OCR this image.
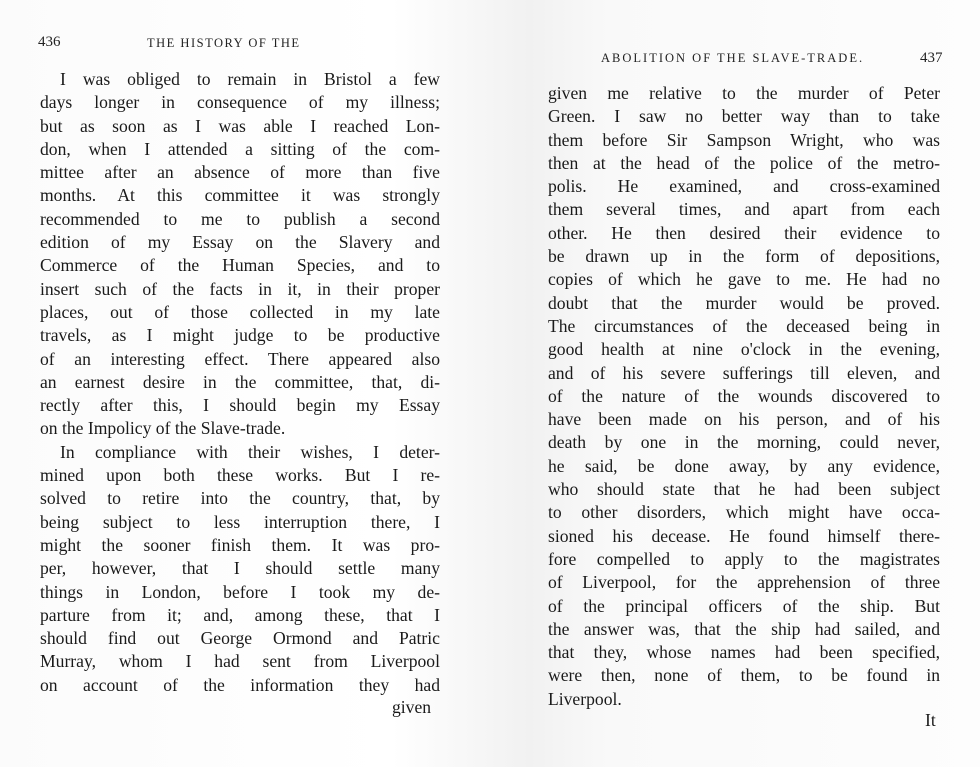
436	THE HISTORY OF THE
I was obliged to remain in Bristol a few
days longer in consequence of my illness;
but as soon as I was able I reached Lon-
don, when I attended a sitting of the com-
mittee after an absence of more than five
months. At this committee it was strongly
recommended to me to publish a second
edition of my Essay on the Slavery and
Commerce of the Human Species, and to
insert such of the facts in it, in their proper
places, out of those collected in my late
travels, as I might judge to be productive
of an interesting effect. There appeared also
an earnest desire in the committee, that, di-
rectly after this, I should begin my Essay
on the Impolicy of the Slave-trade.
In compliance with their wishes, I deter-
mined upon both these works. But I re-
solved to retire into the country, that, by
being subject to less interruption there, I
might the sooner finish them. It was pro-
per, however, that I should settle many
things in London, before I took my de-
parture from it; and, among these, that I
should find out George Ormond and Patric
Murray, whom I had sent from Liverpool
on account of the information they had
given
ABOLITION OF THE SLAVE-TRADE.	437
given me relative to the murder of Peter
Green. I saw no better way than to take
them before Sir Sampson Wright, who was
then at the head of the police of the metro-
polis. He examined, and cross-examined
them several times, and apart from each
other. He then desired their evidence to
be drawn up in the form of depositions,
copies of which he gave to me. He had no
doubt that the murder would be proved.
The circumstances of the deceased being in
good health at nine o'clock in the evening,
and of his severe sufferings till eleven, and
of the nature of the wounds discovered to
have been made on his person, and of his
death by one in the morning, could never,
he said, be done away, by any evidence,
who should state that he had been subject
to other disorders, which might have occa-
sioned his decease. He found himself there-
fore compelled to apply to the magistrates
of Liverpool, for the apprehension of three
of the principal officers of the ship. But
the answer was, that the ship had sailed, and
that they, whose names had been specified,
were then, none of them, to be found in
Liverpool.
It
